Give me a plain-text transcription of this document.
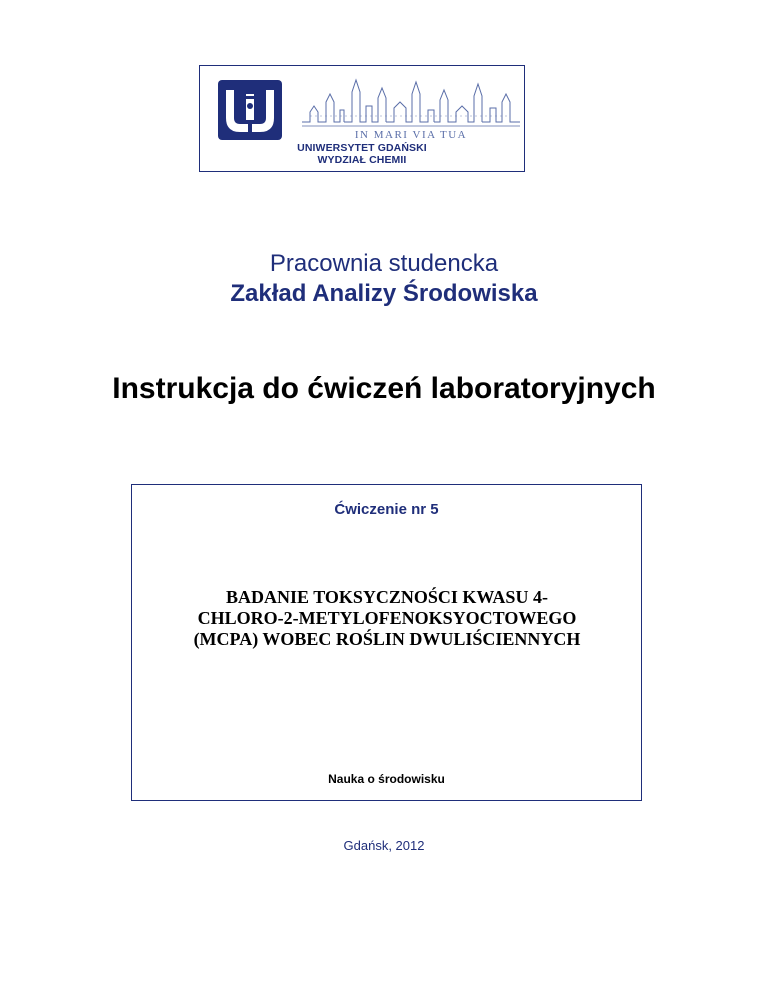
IN MARI VIA TUA
UNIWERSYTET GDAŃSKI
WYDZIAŁ CHEMII
Pracownia studencka
Zakład Analizy Środowiska
Instrukcja do ćwiczeń laboratoryjnych
Ćwiczenie nr 5
BADANIE TOKSYCZNOŚCI KWASU 4-
CHLORO-2-METYLOFENOKSYOCTOWEGO
(MCPA) WOBEC ROŚLIN DWULIŚCIENNYCH
Nauka o środowisku
Gdańsk, 2012
